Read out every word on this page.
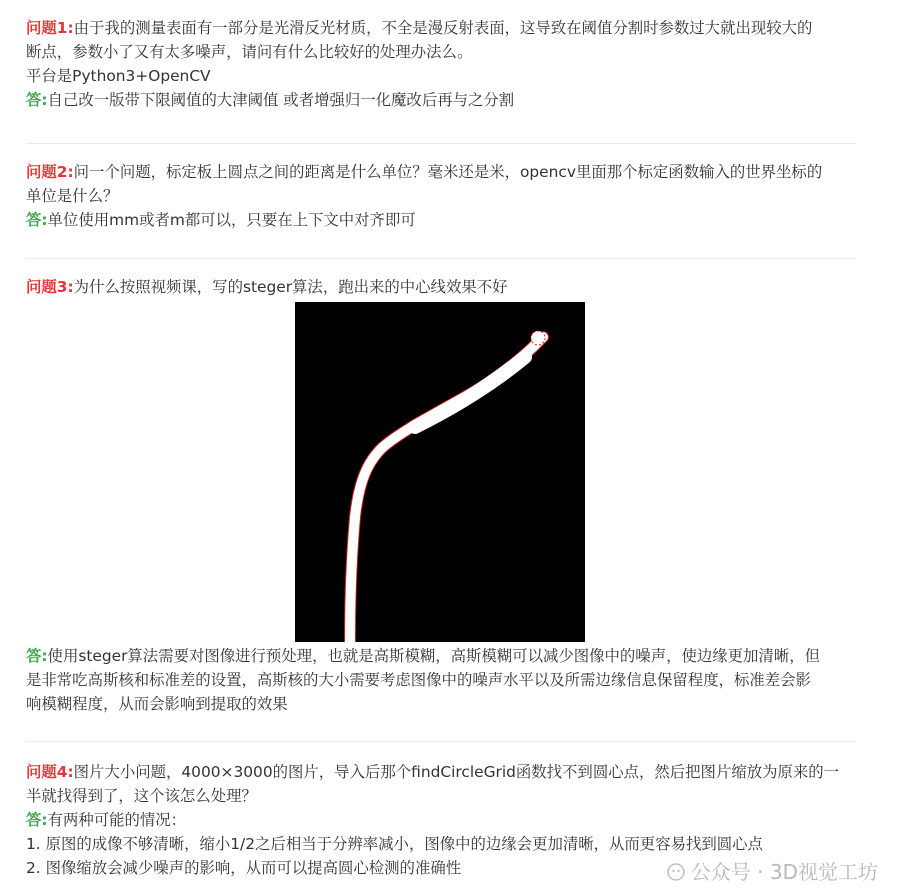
问题1:由于我的测量表面有一部分是光滑反光材质，不全是漫反射表面，这导致在阈值分割时参数过大就出现较大的
断点，参数小了又有太多噪声，请问有什么比较好的处理办法么。
平台是Python3+OpenCV
答:自己改一版带下限阈值的大津阈值 或者增强归一化魔改后再与之分割
问题2:问一个问题，标定板上圆点之间的距离是什么单位？毫米还是米，opencv里面那个标定函数输入的世界坐标的
单位是什么？
答:单位使用mm或者m都可以，只要在上下文中对齐即可
问题3:为什么按照视频课，写的steger算法，跑出来的中心线效果不好
答:使用steger算法需要对图像进行预处理，也就是高斯模糊，高斯模糊可以减少图像中的噪声，使边缘更加清晰，但
是非常吃高斯核和标准差的设置，高斯核的大小需要考虑图像中的噪声水平以及所需边缘信息保留程度，标准差会影
响模糊程度，从而会影响到提取的效果
问题4:图片大小问题，4000×3000的图片，导入后那个findCircleGrid函数找不到圆心点，然后把图片缩放为原来的一
半就找得到了，这个该怎么处理？
答:有两种可能的情况：
1. 原图的成像不够清晰，缩小1/2之后相当于分辨率减小，图像中的边缘会更加清晰，从而更容易找到圆心点
2. 图像缩放会减少噪声的影响，从而可以提高圆心检测的准确性	公众号 · 3D视觉工坊
